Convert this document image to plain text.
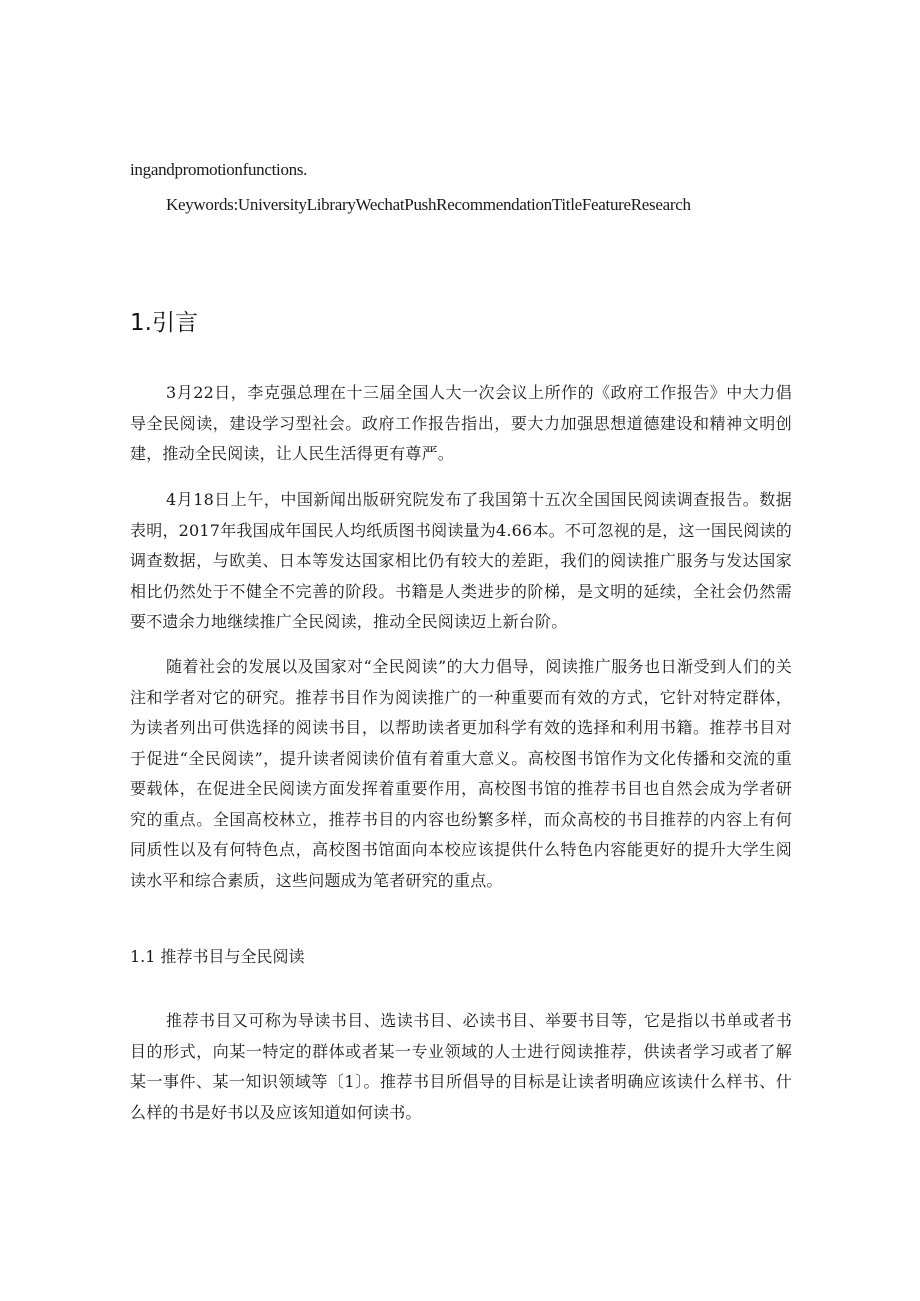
ingandpromotionfunctions.
Keywords:UniversityLibraryWechatPushRecommendationTitleFeatureResearch
1.引言

3月22日，李克强总理在十三届全国人大一次会议上所作的《政府工作报告》中大力倡导全民阅读，建设学习型社会。政府工作报告指出，要大力加强思想道德建设和精神文明创建，推动全民阅读，让人民生活得更有尊严。

4月18日上午，中国新闻出版研究院发布了我国第十五次全国国民阅读调查报告。数据表明，2017年我国成年国民人均纸质图书阅读量为4.66本。不可忽视的是，这一国民阅读的调查数据，与欧美、日本等发达国家相比仍有较大的差距，我们的阅读推广服务与发达国家相比仍然处于不健全不完善的阶段。书籍是人类进步的阶梯，是文明的延续，全社会仍然需要不遗余力地继续推广全民阅读，推动全民阅读迈上新台阶。

随着社会的发展以及国家对“全民阅读”的大力倡导，阅读推广服务也日渐受到人们的关注和学者对它的研究。推荐书目作为阅读推广的一种重要而有效的方式，它针对特定群体，为读者列出可供选择的阅读书目，以帮助读者更加科学有效的选择和利用书籍。推荐书目对于促进“全民阅读”，提升读者阅读价值有着重大意义。高校图书馆作为文化传播和交流的重要载体，在促进全民阅读方面发挥着重要作用，高校图书馆的推荐书目也自然会成为学者研究的重点。全国高校林立，推荐书目的内容也纷繁多样，而众高校的书目推荐的内容上有何同质性以及有何特色点，高校图书馆面向本校应该提供什么特色内容能更好的提升大学生阅读水平和综合素质，这些问题成为笔者研究的重点。

1.1 推荐书目与全民阅读

推荐书目又可称为导读书目、选读书目、必读书目、举要书目等，它是指以书单或者书目的形式，向某一特定的群体或者某一专业领域的人士进行阅读推荐，供读者学习或者了解某一事件、某一知识领域等〔1〕。推荐书目所倡导的目标是让读者明确应该读什么样书、什么样的书是好书以及应该知道如何读书。
